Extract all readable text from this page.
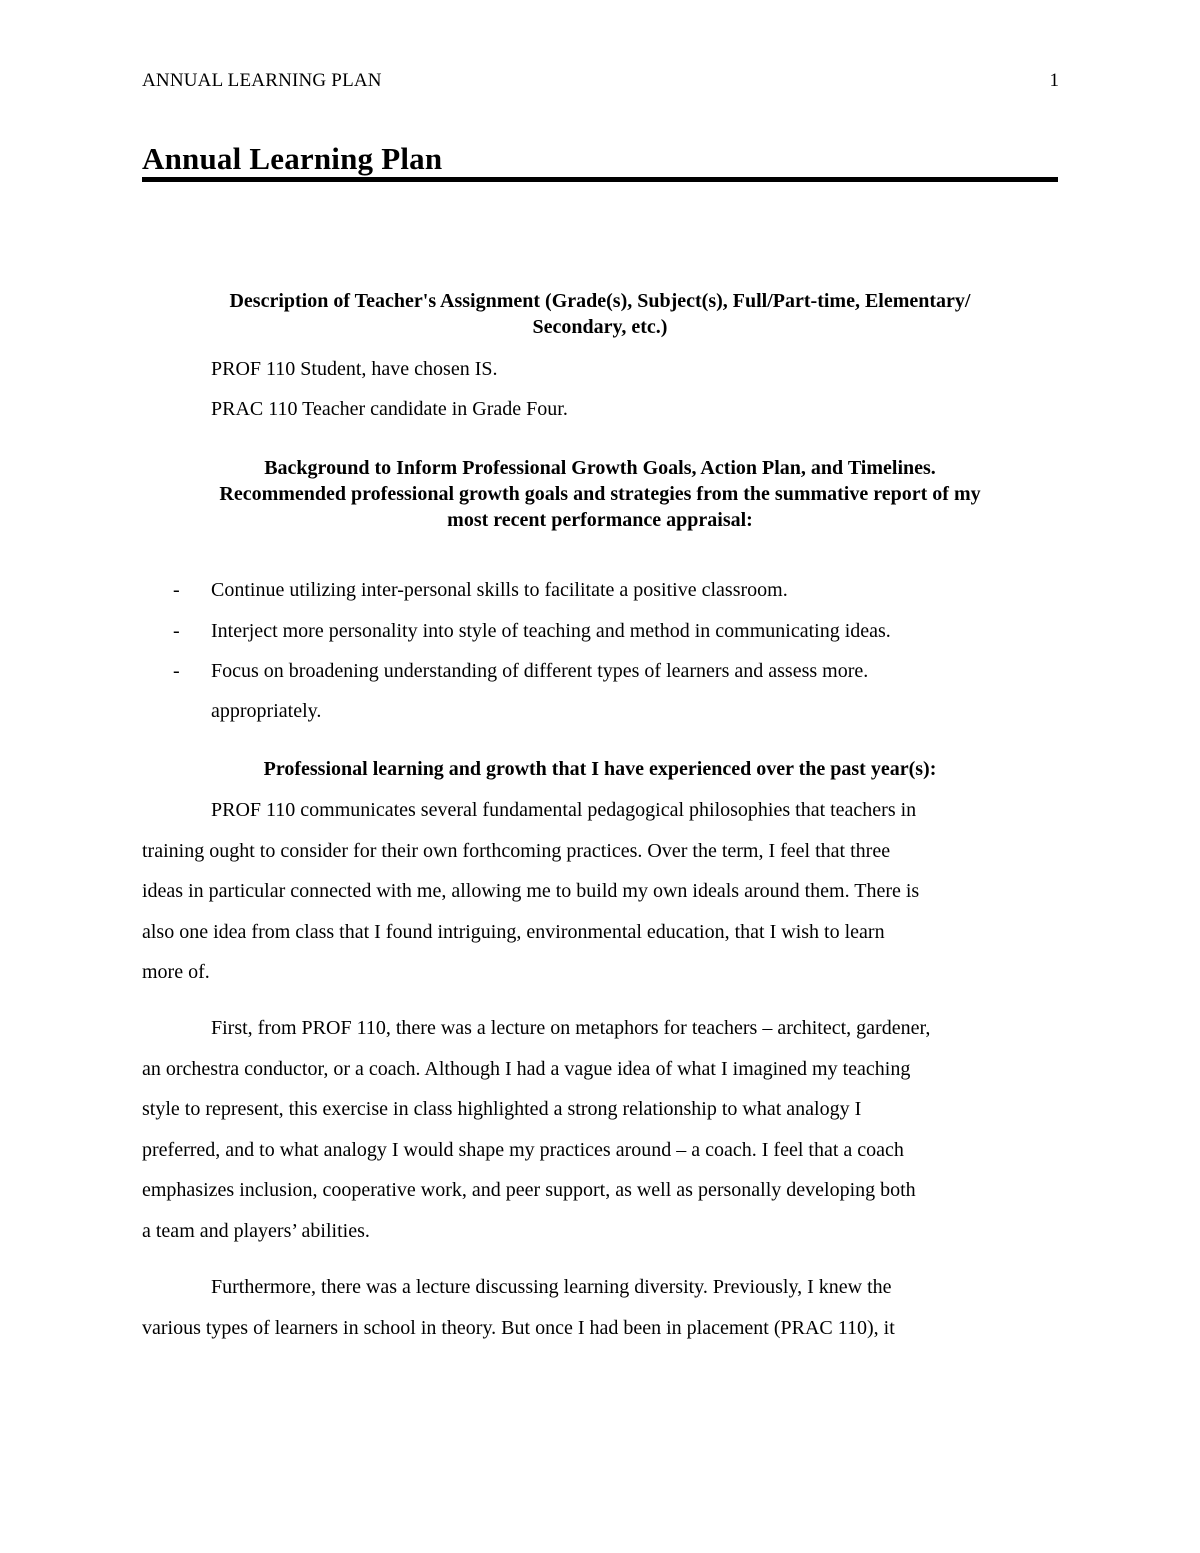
ANNUAL LEARNING PLAN	1
Annual Learning Plan
Description of Teacher's Assignment (Grade(s), Subject(s), Full/Part-time, Elementary/
Secondary, etc.)
PROF 110 Student, have chosen IS.
PRAC 110 Teacher candidate in Grade Four.
Background to Inform Professional Growth Goals, Action Plan, and Timelines.
Recommended professional growth goals and strategies from the summative report of my
most recent performance appraisal:
- Continue utilizing inter-personal skills to facilitate a positive classroom.
- Interject more personality into style of teaching and method in communicating ideas.
- Focus on broadening understanding of different types of learners and assess more.
appropriately.
Professional learning and growth that I have experienced over the past year(s):
PROF 110 communicates several fundamental pedagogical philosophies that teachers in
training ought to consider for their own forthcoming practices. Over the term, I feel that three
ideas in particular connected with me, allowing me to build my own ideals around them. There is
also one idea from class that I found intriguing, environmental education, that I wish to learn
more of.
First, from PROF 110, there was a lecture on metaphors for teachers – architect, gardener,
an orchestra conductor, or a coach. Although I had a vague idea of what I imagined my teaching
style to represent, this exercise in class highlighted a strong relationship to what analogy I
preferred, and to what analogy I would shape my practices around – a coach. I feel that a coach
emphasizes inclusion, cooperative work, and peer support, as well as personally developing both
a team and players’ abilities.
Furthermore, there was a lecture discussing learning diversity. Previously, I knew the
various types of learners in school in theory. But once I had been in placement (PRAC 110), it
